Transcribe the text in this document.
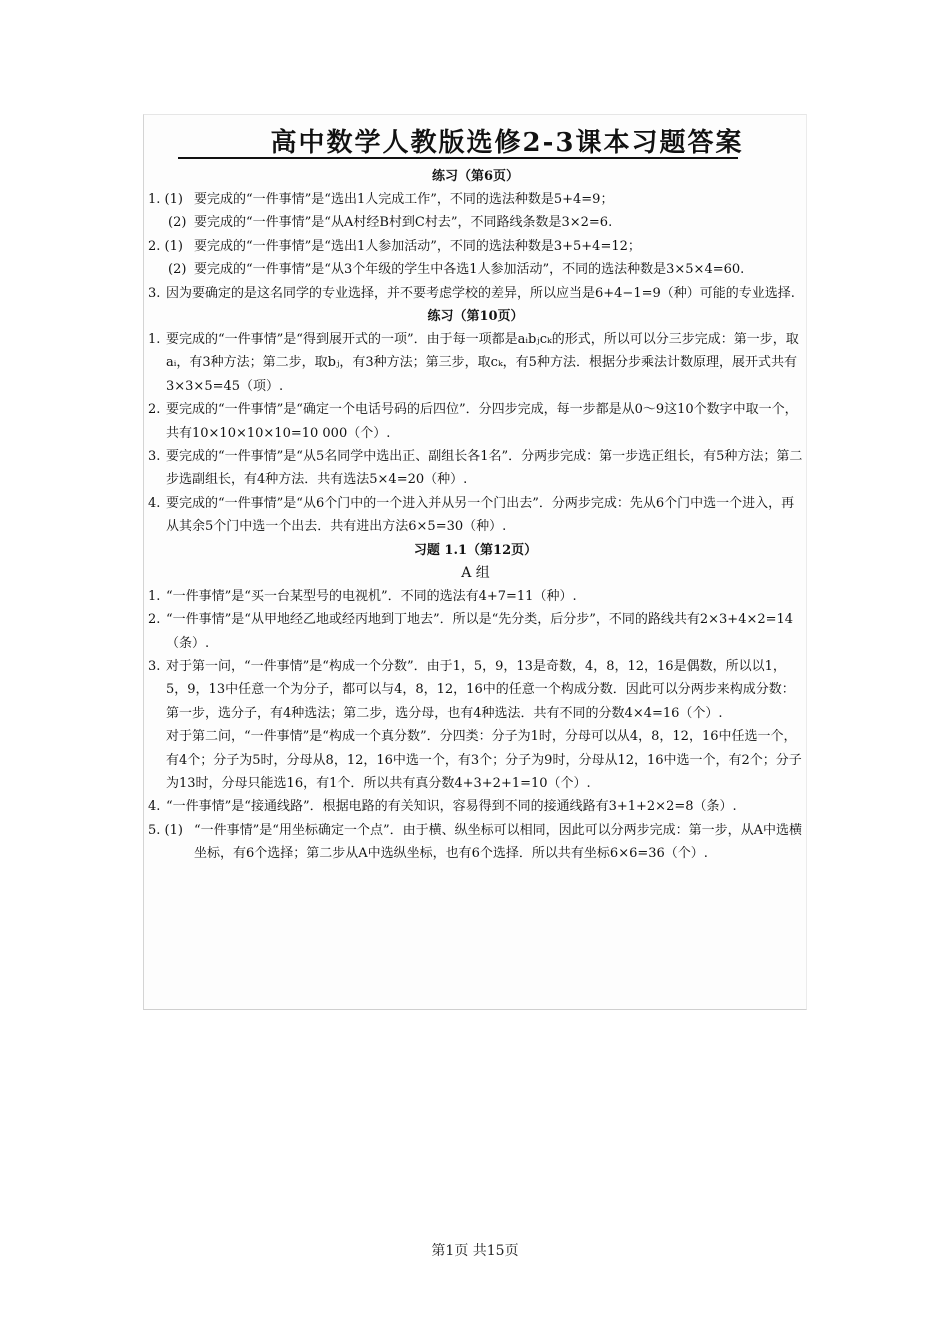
高中数学人教版选修2-3课本习题答案
练习（第6页）
1. (1) 要完成的“一件事情”是“选出1人完成工作”，不同的选法种数是5+4=9；
(2) 要完成的“一件事情”是“从A村经B村到C村去”，不同路线条数是3×2=6.
2. (1) 要完成的“一件事情”是“选出1人参加活动”，不同的选法种数是3+5+4=12；
(2) 要完成的“一件事情”是“从3个年级的学生中各选1人参加活动”，不同的选法种数是3×5×4=60.
3. 因为要确定的是这名同学的专业选择，并不要考虑学校的差异，所以应当是6+4−1=9（种）可能的专业选择.
练习（第10页）
1. 要完成的“一件事情”是“得到展开式的一项”．由于每一项都是aᵢbⱼcₖ的形式，所以可以分三步完成：第一步，取aᵢ，有3种方法；第二步，取bⱼ，有3种方法；第三步，取cₖ，有5种方法．根据分步乘法计数原理，展开式共有3×3×5=45（项）.
2. 要完成的“一件事情”是“确定一个电话号码的后四位”．分四步完成，每一步都是从0～9这10个数字中取一个，共有10×10×10×10=10 000（个）.
3. 要完成的“一件事情”是“从5名同学中选出正、副组长各1名”．分两步完成：第一步选正组长，有5种方法；第二步选副组长，有4种方法．共有选法5×4=20（种）.
4. 要完成的“一件事情”是“从6个门中的一个进入并从另一个门出去”．分两步完成：先从6个门中选一个进入，再从其余5个门中选一个出去．共有进出方法6×5=30（种）.
习题 1.1（第12页）
A 组
1. “一件事情”是“买一台某型号的电视机”．不同的选法有4+7=11（种）.
2. “一件事情”是“从甲地经乙地或经丙地到丁地去”．所以是“先分类，后分步”，不同的路线共有2×3+4×2=14（条）.
3. 对于第一问，“一件事情”是“构成一个分数”．由于1，5，9，13是奇数，4，8，12，16是偶数，所以以1，5，9，13中任意一个为分子，都可以与4，8，12，16中的任意一个构成分数．因此可以分两步来构成分数：第一步，选分子，有4种选法；第二步，选分母，也有4种选法．共有不同的分数4×4=16（个）.
对于第二问，“一件事情”是“构成一个真分数”．分四类：分子为1时，分母可以从4，8，12，16中任选一个，有4个；分子为5时，分母从8，12，16中选一个，有3个；分子为9时，分母从12，16中选一个，有2个；分子为13时，分母只能选16，有1个．所以共有真分数4+3+2+1=10（个）.
4. “一件事情”是“接通线路”．根据电路的有关知识，容易得到不同的接通线路有3+1+2×2=8（条）.
5. (1) “一件事情”是“用坐标确定一个点”．由于横、纵坐标可以相同，因此可以分两步完成：第一步，从A中选横坐标，有6个选择；第二步从A中选纵坐标，也有6个选择．所以共有坐标6×6=36（个）.
第1页 共15页
